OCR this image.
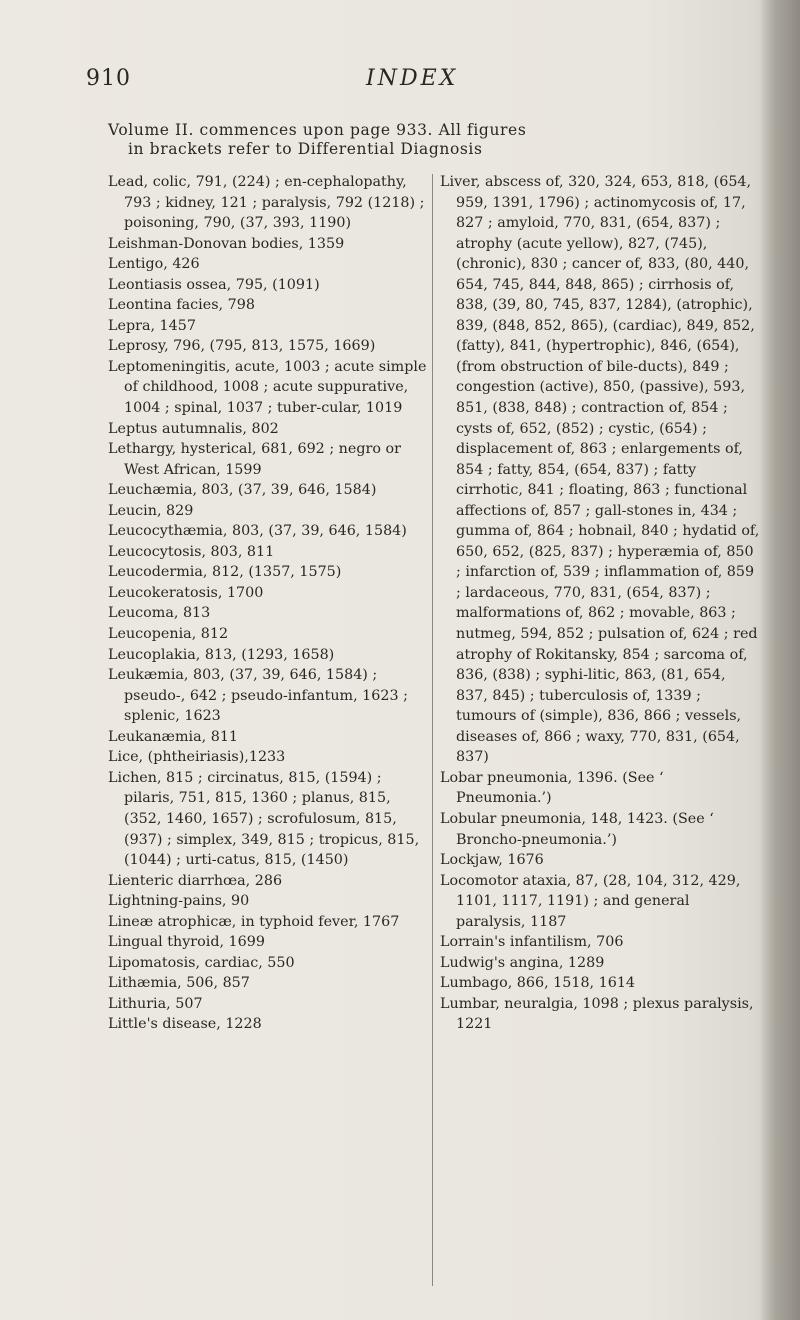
910	INDEX
Volume II. commences upon page 933. All figures
in brackets refer to Differential Diagnosis

Lead, colic, 791, (224) ; en-cephalopathy, 793 ; kidney, 121 ; paralysis, 792 (1218) ; poisoning, 790, (37, 393, 1190)

Leishman-Donovan bodies, 1359

Lentigo, 426

Leontiasis ossea, 795, (1091)

Leontina facies, 798

Lepra, 1457

Leprosy, 796, (795, 813, 1575, 1669)

Leptomeningitis, acute, 1003 ; acute simple of childhood, 1008 ; acute suppurative, 1004 ; spinal, 1037 ; tuber-cular, 1019

Leptus autumnalis, 802

Lethargy, hysterical, 681, 692 ; negro or West African, 1599

Leuchæmia, 803, (37, 39, 646, 1584)

Leucin, 829

Leucocythæmia, 803, (37, 39, 646, 1584)

Leucocytosis, 803, 811

Leucodermia, 812, (1357, 1575)

Leucokeratosis, 1700

Leucoma, 813

Leucopenia, 812

Leucoplakia, 813, (1293, 1658)

Leukæmia, 803, (37, 39, 646, 1584) ; pseudo-, 642 ; pseudo-infantum, 1623 ; splenic, 1623

Leukanæmia, 811

Lice, (phtheiriasis),1233

Lichen, 815 ; circinatus, 815, (1594) ; pilaris, 751, 815, 1360 ; planus, 815, (352, 1460, 1657) ; scrofulosum, 815, (937) ; simplex, 349, 815 ; tropicus, 815, (1044) ; urti-catus, 815, (1450)

Lienteric diarrhœa, 286

Lightning-pains, 90

Lineæ atrophicæ, in typhoid fever, 1767

Lingual thyroid, 1699

Lipomatosis, cardiac, 550

Lithæmia, 506, 857

Lithuria, 507

Little's disease, 1228

Liver, abscess of, 320, 324, 653, 818, (654, 959, 1391, 1796) ; actinomycosis of, 17, 827 ; amyloid, 770, 831, (654, 837) ; atrophy (acute yellow), 827, (745), (chronic), 830 ; cancer of, 833, (80, 440, 654, 745, 844, 848, 865) ; cirrhosis of, 838, (39, 80, 745, 837, 1284), (atrophic), 839, (848, 852, 865), (cardiac), 849, 852, (fatty), 841, (hypertrophic), 846, (654), (from obstruction of bile-ducts), 849 ; congestion (active), 850, (passive), 593, 851, (838, 848) ; contraction of, 854 ; cysts of, 652, (852) ; cystic, (654) ; displacement of, 863 ; enlargements of, 854 ; fatty, 854, (654, 837) ; fatty cirrhotic, 841 ; floating, 863 ; functional affections of, 857 ; gall-stones in, 434 ; gumma of, 864 ; hobnail, 840 ; hydatid of, 650, 652, (825, 837) ; hyperæmia of, 850 ; infarction of, 539 ; inflammation of, 859 ; lardaceous, 770, 831, (654, 837) ; malformations of, 862 ; movable, 863 ; nutmeg, 594, 852 ; pulsation of, 624 ; red atrophy of Rokitansky, 854 ; sarcoma of, 836, (838) ; syphi-litic, 863, (81, 654, 837, 845) ; tuberculosis of, 1339 ; tumours of (simple), 836, 866 ; vessels, diseases of, 866 ; waxy, 770, 831, (654, 837)

Lobar pneumonia, 1396. (See ‘ Pneumonia.’)

Lobular pneumonia, 148, 1423. (See ‘ Broncho-pneumonia.’)

Lockjaw, 1676

Locomotor ataxia, 87, (28, 104, 312, 429, 1101, 1117, 1191) ; and general paralysis, 1187

Lorrain's infantilism, 706

Ludwig's angina, 1289

Lumbago, 866, 1518, 1614

Lumbar, neuralgia, 1098 ; plexus paralysis, 1221
